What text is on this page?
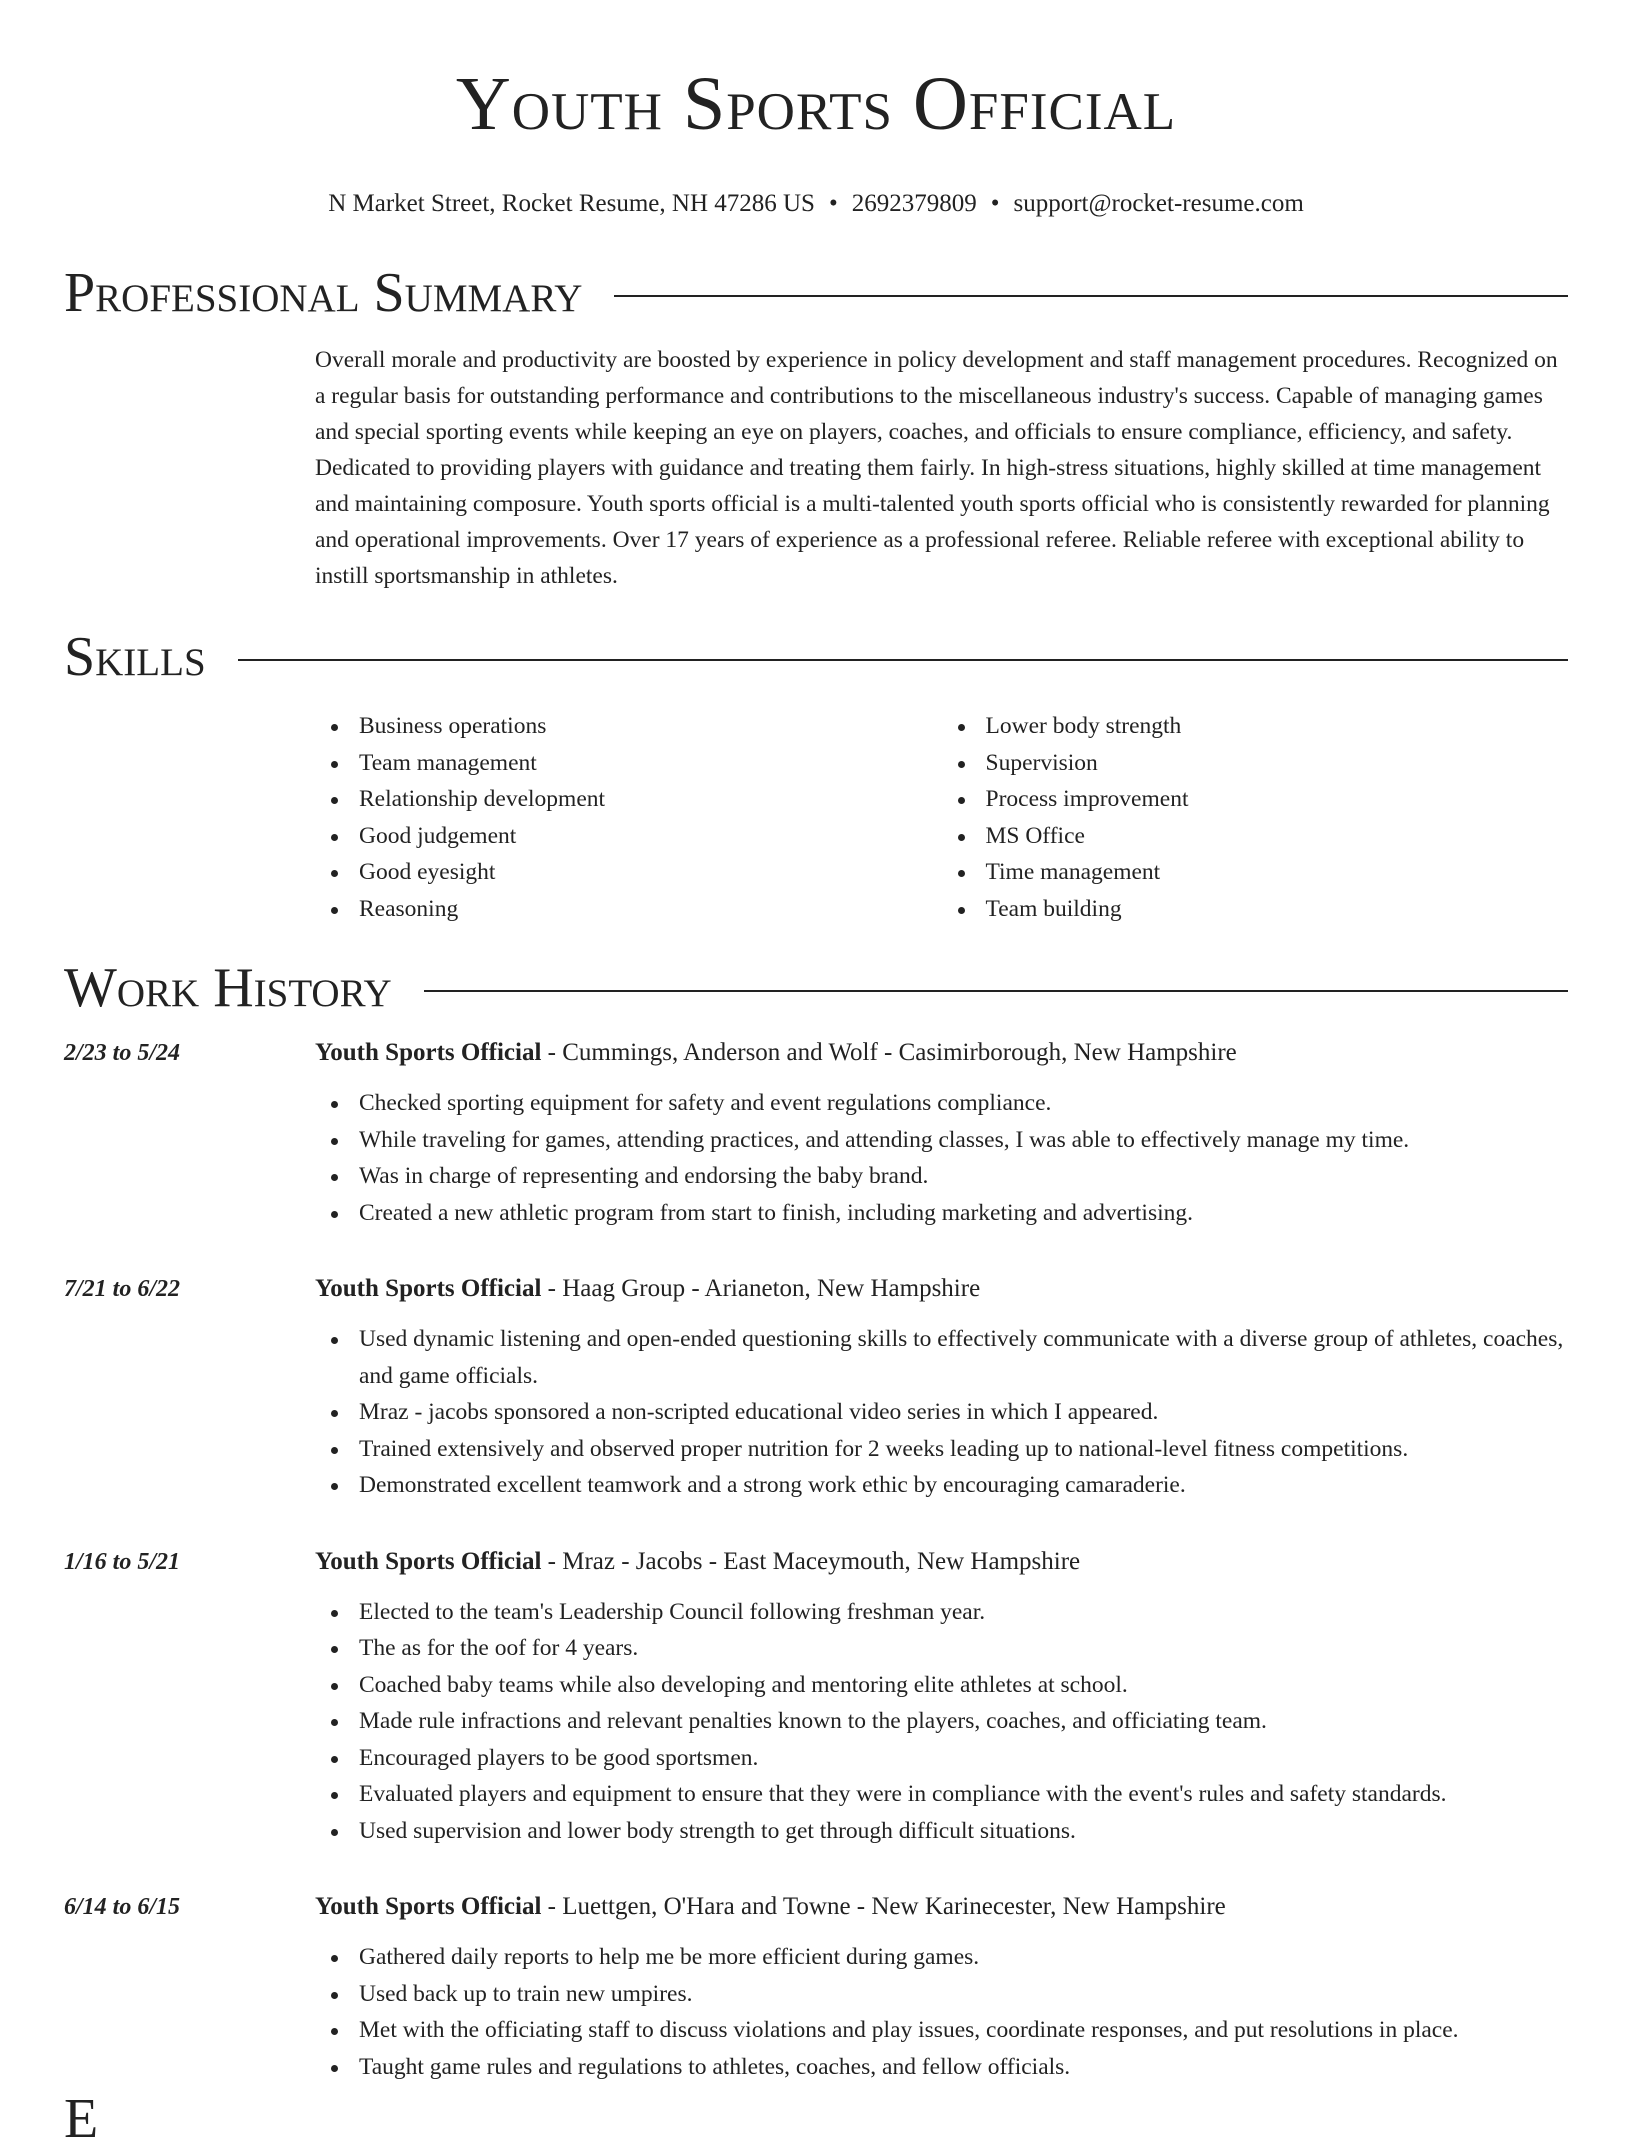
Youth Sports Official
N Market Street, Rocket Resume, NH 47286 US • 2692379809 • support@rocket-resume.com
Professional Summary

Overall morale and productivity are boosted by experience in policy development and staff management procedures. Recognized on a regular basis for outstanding performance and contributions to the miscellaneous industry's success. Capable of managing games and special sporting events while keeping an eye on players, coaches, and officials to ensure compliance, efficiency, and safety. Dedicated to providing players with guidance and treating them fairly. In high-stress situations, highly skilled at time management and maintaining composure. Youth sports official is a multi-talented youth sports official who is consistently rewarded for planning and operational improvements. Over 17 years of experience as a professional referee. Reliable referee with exceptional ability to instill sportsmanship in athletes.

Skills
Business operations
Team management
Relationship development
Good judgement
Good eyesight
Reasoning
Lower body strength
Supervision
Process improvement
MS Office
Time management
Team building
Work History
2/23 to 5/24	Youth Sports Official - Cummings, Anderson and Wolf - Casimirborough, New Hampshire
Checked sporting equipment for safety and event regulations compliance.
While traveling for games, attending practices, and attending classes, I was able to effectively manage my time.
Was in charge of representing and endorsing the baby brand.
Created a new athletic program from start to finish, including marketing and advertising.
7/21 to 6/22	Youth Sports Official - Haag Group - Arianeton, New Hampshire
Used dynamic listening and open-ended questioning skills to effectively communicate with a diverse group of athletes, coaches, and game officials.
Mraz - jacobs sponsored a non-scripted educational video series in which I appeared.
Trained extensively and observed proper nutrition for 2 weeks leading up to national-level fitness competitions.
Demonstrated excellent teamwork and a strong work ethic by encouraging camaraderie.
1/16 to 5/21	Youth Sports Official - Mraz - Jacobs - East Maceymouth, New Hampshire
Elected to the team's Leadership Council following freshman year.
The as for the oof for 4 years.
Coached baby teams while also developing and mentoring elite athletes at school.
Made rule infractions and relevant penalties known to the players, coaches, and officiating team.
Encouraged players to be good sportsmen.
Evaluated players and equipment to ensure that they were in compliance with the event's rules and safety standards.
Used supervision and lower body strength to get through difficult situations.
6/14 to 6/15	Youth Sports Official - Luettgen, O'Hara and Towne - New Karinecester, New Hampshire
Gathered daily reports to help me be more efficient during games.
Used back up to train new umpires.
Met with the officiating staff to discuss violations and play issues, coordinate responses, and put resolutions in place.
Taught game rules and regulations to athletes, coaches, and fellow officials.
E
